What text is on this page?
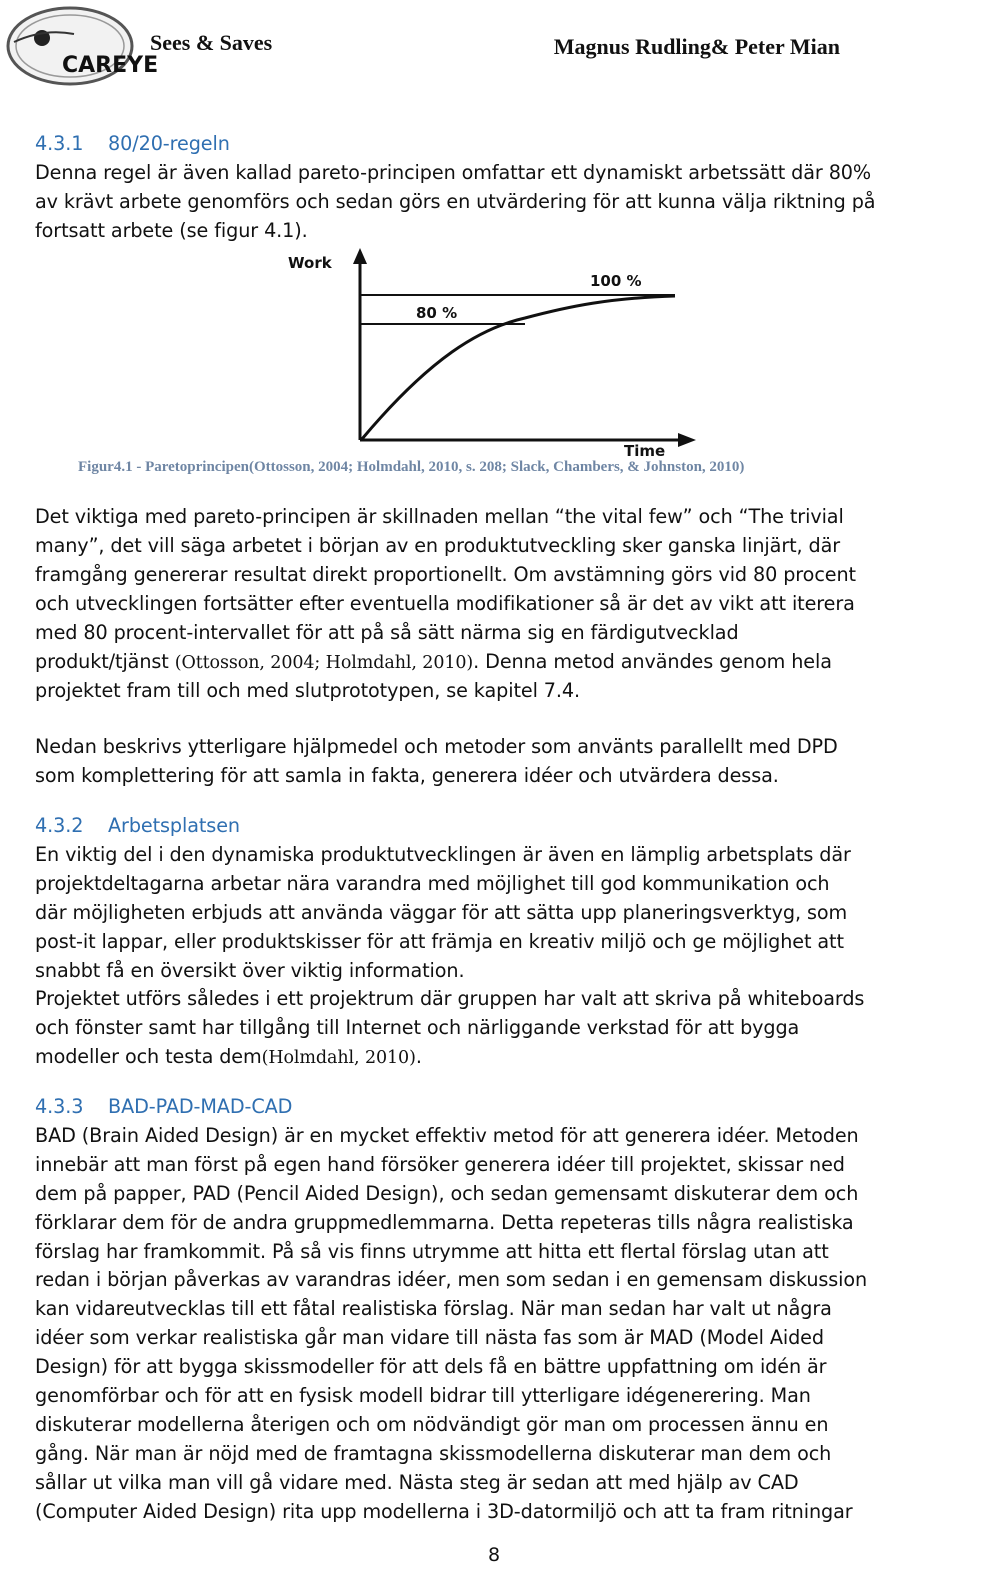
CAREYE
Sees & Saves	Magnus Rudling& Peter Mian
4.3.1 80/20-regeln

Denna regel är även kallad pareto-principen omfattar ett dynamiskt arbetssätt där 80%

av krävt arbete genomförs och sedan görs en utvärdering för att kunna välja riktning på

fortsatt arbete (se figur 4.1).

Work
100 %
80 %
Time
Figur4.1 - Paretoprincipen(Ottosson, 2004; Holmdahl, 2010, s. 208; Slack, Chambers, & Johnston, 2010)

Det viktiga med pareto-principen är skillnaden mellan “the vital few” och “The trivial

many”, det vill säga arbetet i början av en produktutveckling sker ganska linjärt, där

framgång genererar resultat direkt proportionellt. Om avstämning görs vid 80 procent

och utvecklingen fortsätter efter eventuella modifikationer så är det av vikt att iterera

med 80 procent-intervallet för att på så sätt närma sig en färdigutvecklad

produkt/tjänst (Ottosson, 2004; Holmdahl, 2010). Denna metod användes genom hela

projektet fram till och med slutprototypen, se kapitel 7.4.

Nedan beskrivs ytterligare hjälpmedel och metoder som använts parallellt med DPD

som komplettering för att samla in fakta, generera idéer och utvärdera dessa.

4.3.2 Arbetsplatsen

En viktig del i den dynamiska produktutvecklingen är även en lämplig arbetsplats där

projektdeltagarna arbetar nära varandra med möjlighet till god kommunikation och

där möjligheten erbjuds att använda väggar för att sätta upp planeringsverktyg, som

post-it lappar, eller produktskisser för att främja en kreativ miljö och ge möjlighet att

snabbt få en översikt över viktig information.

Projektet utförs således i ett projektrum där gruppen har valt att skriva på whiteboards

och fönster samt har tillgång till Internet och närliggande verkstad för att bygga

modeller och testa dem(Holmdahl, 2010).

4.3.3 BAD-PAD-MAD-CAD

BAD (Brain Aided Design) är en mycket effektiv metod för att generera idéer. Metoden

innebär att man först på egen hand försöker generera idéer till projektet, skissar ned

dem på papper, PAD (Pencil Aided Design), och sedan gemensamt diskuterar dem och

förklarar dem för de andra gruppmedlemmarna. Detta repeteras tills några realistiska

förslag har framkommit. På så vis finns utrymme att hitta ett flertal förslag utan att

redan i början påverkas av varandras idéer, men som sedan i en gemensam diskussion

kan vidareutvecklas till ett fåtal realistiska förslag. När man sedan har valt ut några

idéer som verkar realistiska går man vidare till nästa fas som är MAD (Model Aided

Design) för att bygga skissmodeller för att dels få en bättre uppfattning om idén är

genomförbar och för att en fysisk modell bidrar till ytterligare idégenerering. Man

diskuterar modellerna återigen och om nödvändigt gör man om processen ännu en

gång. När man är nöjd med de framtagna skissmodellerna diskuterar man dem och

sållar ut vilka man vill gå vidare med. Nästa steg är sedan att med hjälp av CAD

(Computer Aided Design) rita upp modellerna i 3D-datormiljö och att ta fram ritningar

8
